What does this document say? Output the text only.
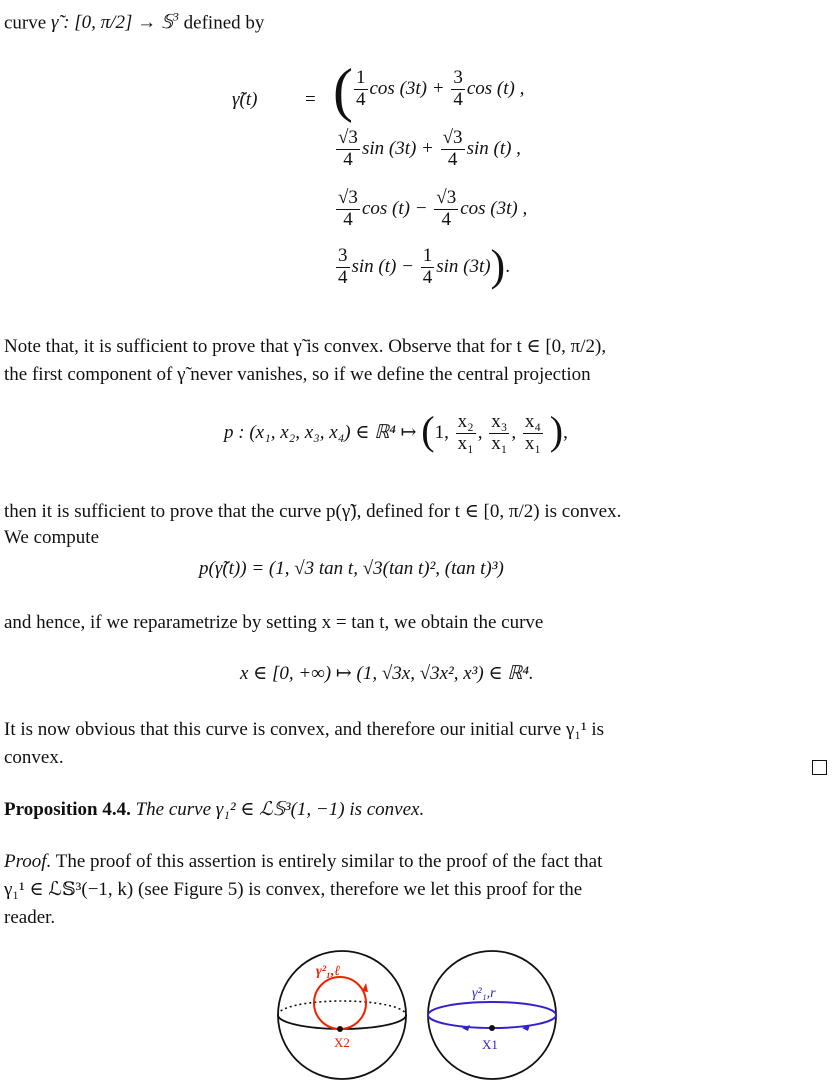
curve γ̃ : [0, π/2] → 𝕊$^3$ defined by
γ̃(t)	= ( $\frac{1}{4}$ $\cos (3t) + \frac{3}{4}$ cos (t) ,
$\frac{√3}{4}$ $\sin (3t) + \frac{√3}{4}$ sin (t) ,
$\frac{√3}{4}$ $\cos (t) - \frac{√3}{4}$ cos (3t) ,
$\frac{3}{4}$ $\sin (t) - \frac{1}{4}$ sin (3t)).
Note that, it is sufficient to prove that γ̃ is convex. Observe that for t ∈ [0, π/2),
the first component of γ̃ never vanishes, so if we define the central projection
p : (x₁, x₂, x₃, x₄) ∈ ℝ⁴ ↦ (1, $\frac{\text{x₂}}{\text{x₁}}$ , $\frac{\text{x₃}}{\text{x₁}}$ , $\frac{\text{x₄}}{\text{x₁}}$ ),
then it is sufficient to prove that the curve p(γ̃), defined for t ∈ [0, π/2) is convex.
We compute
p(γ̃(t)) = (1, √3 tan t, √3(tan t)², (tan t)³)
and hence, if we reparametrize by setting x = tan t, we obtain the curve
x ∈ [0, +∞) ↦ (1, √3x, √3x², x³) ∈ ℝ⁴.
It is now obvious that this curve is convex, and therefore our initial curve γ₁¹ is
convex.
Proposition 4.4. The curve γ₁² ∈ ℒ𝕊³(1, −1) is convex.
Proof. The proof of this assertion is entirely similar to the proof of the fact that
γ₁¹ ∈ ℒ𝕊³(−1, k) (see Figure 5) is convex, therefore we let this proof for the
reader.
γ²₁,ℓ
X2
γ²₁,r
X1
